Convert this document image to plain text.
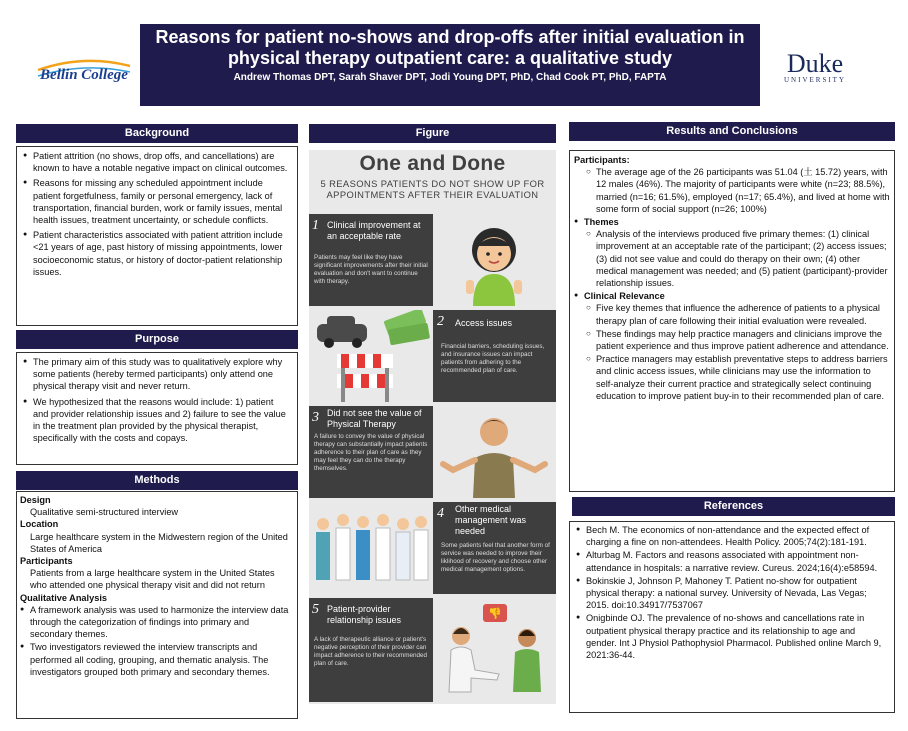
Reasons for patient no-shows and drop-offs after initial evaluation in
physical therapy outpatient care: a qualitative study
Andrew Thomas DPT, Sarah Shaver DPT, Jodi Young DPT, PhD, Chad Cook PT, PhD, FAPTA
Bellin College	Duke
UNIVERSITY
Background
● Patient attrition (no shows, drop offs, and cancellations) are known to have a notable negative impact on clinical outcomes.
● Reasons for missing any scheduled appointment include patient forgetfulness, family or personal emergency, lack of transportation, financial burden, work or family issues, mental health issues, treatment uncertainty, or schedule conflicts.
● Patient characteristics associated with patient attrition include <21 years of age, past history of missing appointments, lower socioeconomic status, or history of doctor-patient relationship issues.
Purpose
● The primary aim of this study was to qualitatively explore why some patients (hereby termed participants) only attend one physical therapy visit and never return.
● We hypothesized that the reasons would include: 1) patient and provider relationship issues and 2) failure to see the value in the treatment plan provided by the physical therapist, specifically with the costs and copays.
Methods
Design
Qualitative semi-structured interview
Location
Large healthcare system in the Midwestern region of the United States of America
Participants
Patients from a large healthcare system in the United States who attended one physical therapy visit and did not return
Qualitative Analysis
● A framework analysis was used to harmonize the interview data through the categorization of findings into primary and secondary themes.
● Two investigators reviewed the interview transcripts and performed all coding, grouping, and thematic analysis. The investigators grouped both primary and secondary themes.
Figure
One and Done
5 REASONS PATIENTS DO NOT SHOW UP FOR APPOINTMENTS AFTER THEIR EVALUATION
1 Clinical improvement at an acceptable rate
Patients may feel like they have significant improvements after their initial evaluation and don't want to continue with therapy.
2 Access issues
Financial barriers, scheduling issues, and insurance issues can impact patients from adhering to the recommended plan of care.
3 Did not see the value of Physical Therapy
A failure to convey the value of physical therapy can substantially impact patients adherence to their plan of care as they may feel they can do the therapy themselves.
4 Other medical management was needed
Some patients feel that another form of service was needed to improve their liklihood of recovery and choose other medical management options.
5 Patient-provider relationship issues
A lack of therapeutic alliance or patient's negative perception of their provider can impact adherence to their recommended plan of care.
👎
Results and Conclusions
Participants:
○ The average age of the 26 participants was 51.04 (土 15.72) years, with 12 males (46%). The majority of participants were white (n=23; 88.5%), married (n=16; 61.5%), employed (n=17; 65.4%), and lived at home with some form of social support (n=26; 100%)
● Themes
○ Analysis of the interviews produced five primary themes: (1) clinical improvement at an acceptable rate of the participant; (2) access issues; (3) did not see value and could do therapy on their own; (4) other medical management was needed; and (5) patient (participant)-provider relationship issues.
● Clinical Relevance
○ Five key themes that influence the adherence of patients to a physical therapy plan of care following their initial evaluation were revealed.
○ These findings may help practice managers and clinicians improve the patient experience and thus improve patient adherence and attendance.
○ Practice managers may establish preventative steps to address barriers and clinic access issues, while clinicians may use the information to self-analyze their current practice and strategically select continuing education to improve patient buy-in to their recommended plan of care.
References
● Bech M. The economics of non-attendance and the expected effect of charging a fine on non-attendees. Health Policy. 2005;74(2):181-191.
● Alturbag M. Factors and reasons associated with appointment non-attendance in hospitals: a narrative review. Cureus. 2024;16(4):e58594.
● Bokinskie J, Johnson P, Mahoney T. Patient no-show for outpatient physical therapy: a national survey. University of Nevada, Las Vegas; 2015. doi:10.34917/7537067
● Onigbinde OJ. The prevalence of no-shows and cancellations rate in outpatient physical therapy practice and its relationship to age and gender. Int J Physiol Pathophysiol Pharmacol. Published online March 9, 2021:36-44.
